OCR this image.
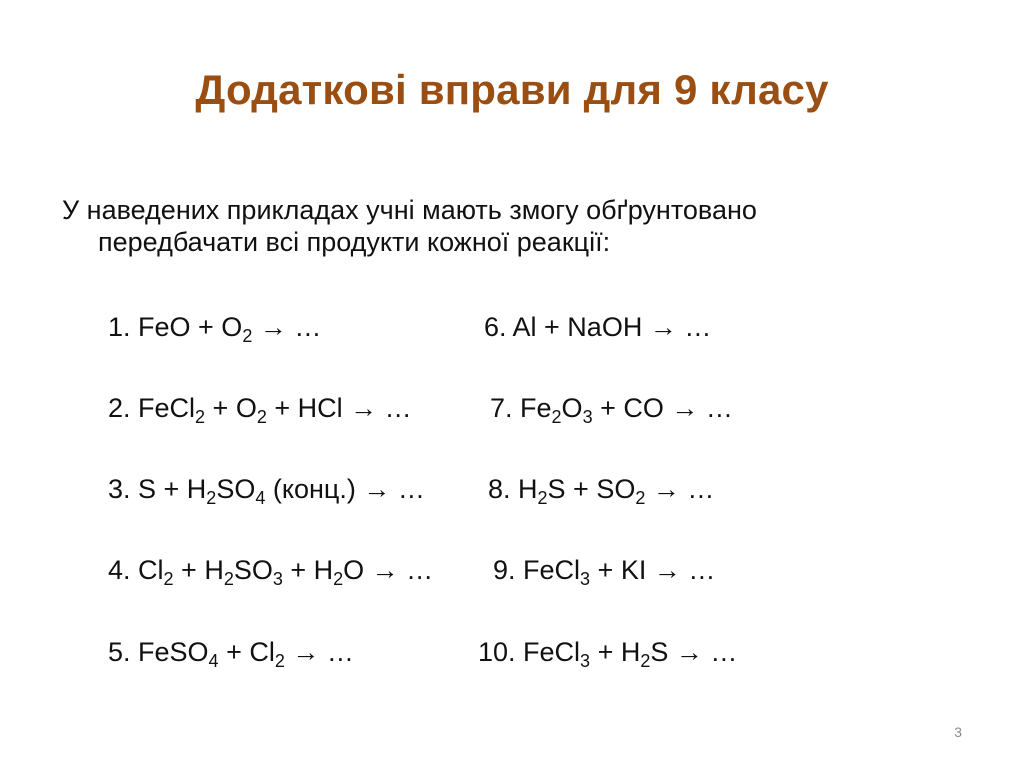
Додаткові вправи для 9 класу
У наведених прикладах учні мають змогу обґрунтовано
передбачати всі продукти кожної реакції:
1. FeO + $O_2$ → …
2. FeCl$_2$ + $O_2$ + HCl → …
3. $S + H_2SO_4$ (конц.) → …
4. $Cl_2 + H_2SO_3 + H_2O$ → …
5. FeSO$_4$ + $Cl_2$ → …
6. Al + NaOH → …
7. $Fe_2O_3$ + CO → …
8. $H_2S + SO_2$ → …
9. FeCl$_3$ + KI → …
10. FeCl$_3$ + $H_2S$ → …
3
